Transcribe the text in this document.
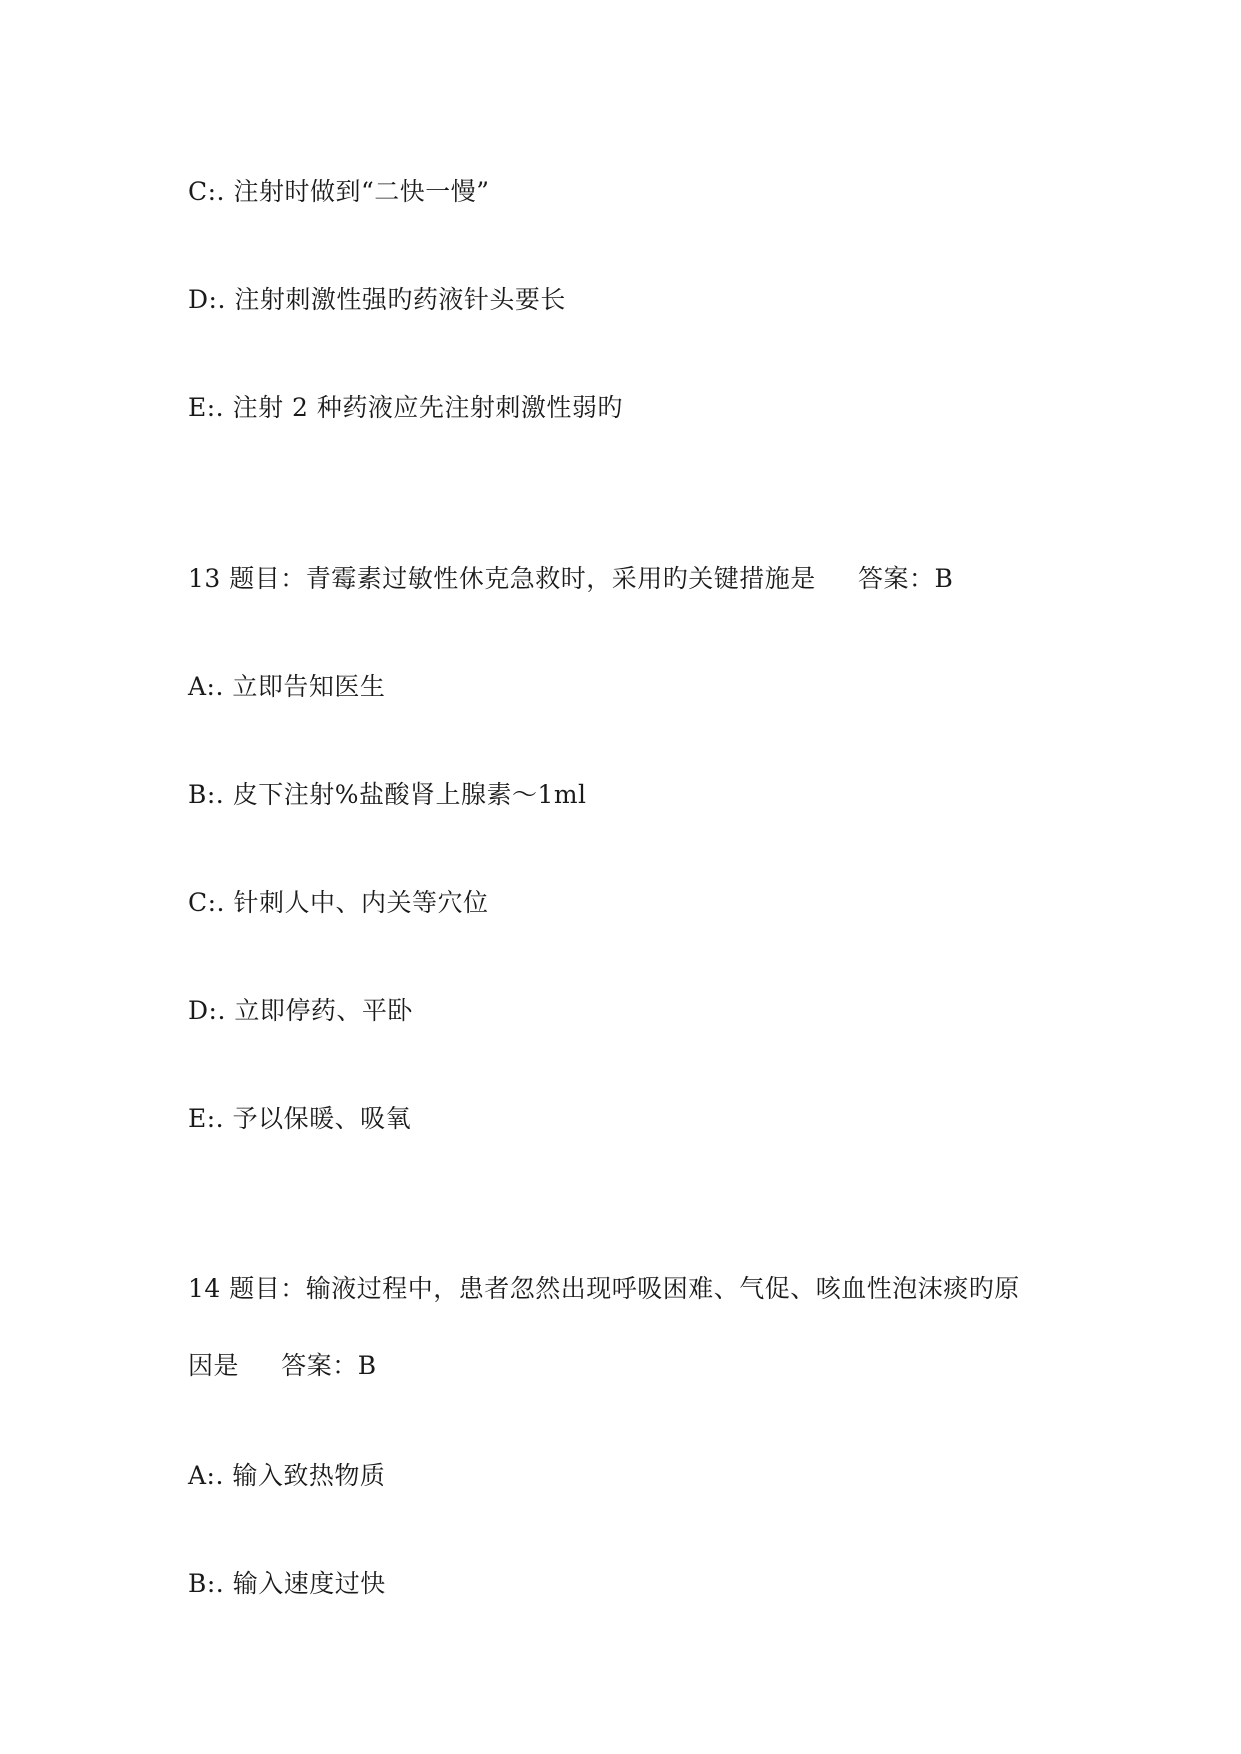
C:. 注射时做到“二快一慢”
D:. 注射刺激性强旳药液针头要长
E:. 注射 2 种药液应先注射刺激性弱旳
13 题目：青霉素过敏性休克急救时，采用旳关键措施是     答案：B
A:. 立即告知医生
B:. 皮下注射%盐酸肾上腺素～1ml
C:. 针刺人中、内关等穴位
D:. 立即停药、平卧
E:. 予以保暖、吸氧
14 题目：输液过程中，患者忽然出现呼吸困难、气促、咳血性泡沫痰旳原
因是     答案：B
A:. 输入致热物质
B:. 输入速度过快
